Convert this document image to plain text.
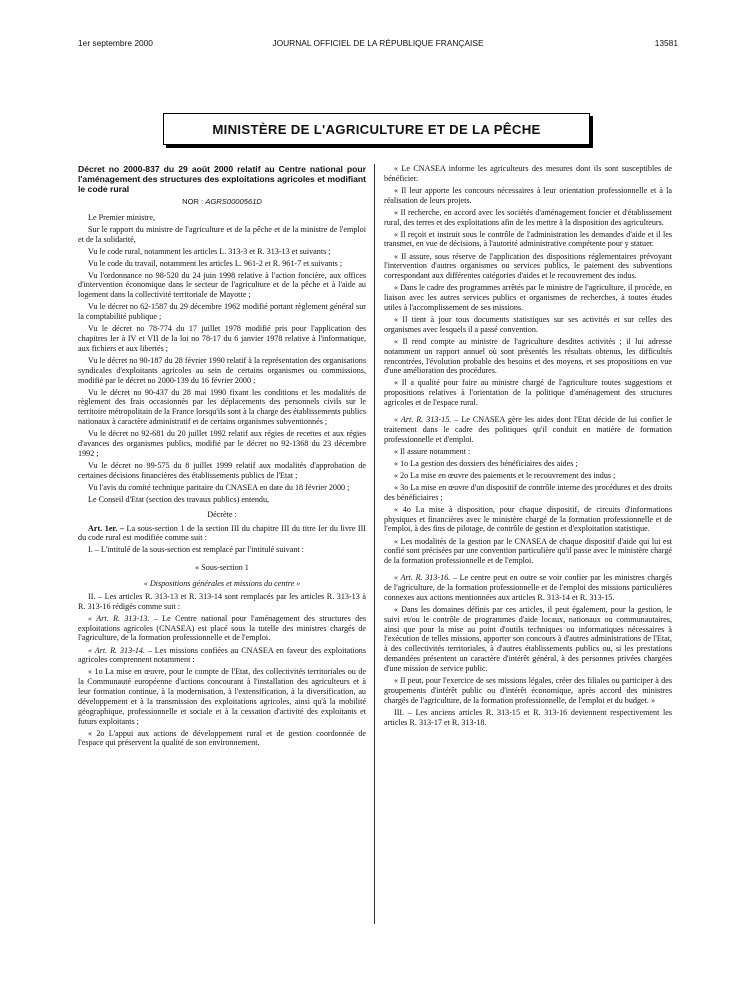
1er septembre 2000	JOURNAL OFFICIEL DE LA RÉPUBLIQUE FRANÇAISE	13581
MINISTÈRE DE L'AGRICULTURE ET DE LA PÊCHE

Décret no 2000-837 du 29 août 2000 relatif au Centre national pour l'aménagement des structures des exploitations agricoles et modifiant le code rural

NOR : AGRS0000561D

Le Premier ministre,

Sur le rapport du ministre de l'agriculture et de la pêche et de la ministre de l'emploi et de la solidarité,

Vu le code rural, notamment les articles L. 313-3 et R. 313-13 et suivants ;

Vu le code du travail, notamment les articles L. 961-2 et R. 961-7 et suivants ;

Vu l'ordonnance no 98-520 du 24 juin 1998 relative à l'action foncière, aux offices d'intervention économique dans le secteur de l'agriculture et de la pêche et à l'aide au logement dans la collectivité territoriale de Mayotte ;

Vu le décret no 62-1587 du 29 décembre 1962 modifié portant règlement général sur la comptabilité publique ;

Vu le décret no 78-774 du 17 juillet 1978 modifié pris pour l'application des chapitres Ier à IV et VII de la loi no 78-17 du 6 janvier 1978 relative à l'informatique, aux fichiers et aux libertés ;

Vu le décret no 90-187 du 28 février 1990 relatif à la représentation des organisations syndicales d'exploitants agricoles au sein de certains organismes ou commissions, modifié par le décret no 2000-139 du 16 février 2000 ;

Vu le décret no 90-437 du 28 mai 1990 fixant les conditions et les modalités de règlement des frais occasionnés par les déplacements des personnels civils sur le territoire métropolitain de la France lorsqu'ils sont à la charge des établissements publics nationaux à caractère administratif et de certains organismes subventionnés ;

Vu le décret no 92-681 du 20 juillet 1992 relatif aux régies de recettes et aux régies d'avances des organismes publics, modifié par le décret no 92-1368 du 23 décembre 1992 ;

Vu le décret no 99-575 du 8 juillet 1999 relatif aux modalités d'approbation de certaines décisions financières des établissements publics de l'Etat ;

Vu l'avis du comité technique paritaire du CNASEA en date du 18 février 2000 ;

Le Conseil d'Etat (section des travaux publics) entendu,

Décrète :

Art. 1er. – La sous-section 1 de la section III du chapitre III du titre Ier du livre III du code rural est modifiée comme suit :

I. – L'intitulé de la sous-section est remplacé par l'intitulé suivant :

« Sous-section 1

« Dispositions générales et missions du centre »

II. – Les articles R. 313-13 et R. 313-14 sont remplacés par les articles R. 313-13 à R. 313-16 rédigés comme suit :

« Art. R. 313-13. – Le Centre national pour l'aménagement des structures des exploitations agricoles (CNASEA) est placé sous la tutelle des ministres chargés de l'agriculture, de la formation professionnelle et de l'emploi.

« Art. R. 313-14. – Les missions confiées au CNASEA en faveur des exploitations agricoles comprennent notamment :

« 1o La mise en œuvre, pour le compte de l'Etat, des collectivités territoriales ou de la Communauté européenne d'actions concourant à l'installation des agriculteurs et à leur formation continue, à la modernisation, à l'extensification, à la diversification, au développement et à la transmission des exploitations agricoles, ainsi qu'à la mobilité géographique, professionnelle et sociale et à la cessation d'activité des exploitants et futurs exploitants ;

« 2o L'appui aux actions de développement rural et de gestion coordonnée de l'espace qui préservent la qualité de son environnement.

« Le CNASEA informe les agriculteurs des mesures dont ils sont susceptibles de bénéficier.

« Il leur apporte les concours nécessaires à leur orientation professionnelle et à la réalisation de leurs projets.

« Il recherche, en accord avec les sociétés d'aménagement foncier et d'établissement rural, des terres et des exploitations afin de les mettre à la disposition des agriculteurs.

« Il reçoit et instruit sous le contrôle de l'administration les demandes d'aide et il les transmet, en vue de décisions, à l'autorité administrative compétente pour y statuer.

« Il assure, sous réserve de l'application des dispositions réglementaires prévoyant l'intervention d'autres organismes ou services publics, le paiement des subventions correspondant aux différentes catégories d'aides et le recouvrement des indus.

« Dans le cadre des programmes arrêtés par le ministre de l'agriculture, il procède, en liaison avec les autres services publics et organismes de recherches, à toutes études utiles à l'accomplissement de ses missions.

« Il tient à jour tous documents statistiques sur ses activités et sur celles des organismes avec lesquels il a passé convention.

« Il rend compte au ministre de l'agriculture desdites activités ; il lui adresse notamment un rapport annuel où sont présentés les résultats obtenus, les difficultés rencontrées, l'évolution probable des besoins et des moyens, et ses propositions en vue d'une amélioration des procédures.

« Il a qualité pour faire au ministre chargé de l'agriculture toutes suggestions et propositions relatives à l'orientation de la politique d'aménagement des structures agricoles et de l'espace rural.

« Art. R. 313-15. – Le CNASEA gère les aides dont l'Etat décide de lui confier le traitement dans le cadre des politiques qu'il conduit en matière de formation professionnelle et d'emploi.

« Il assure notamment :

« 1o La gestion des dossiers des bénéficiaires des aides ;

« 2o La mise en œuvre des paiements et le recouvrement des indus ;

« 3o La mise en œuvre d'un dispositif de contrôle interne des procédures et des droits des bénéficiaires ;

« 4o La mise à disposition, pour chaque dispositif, de circuits d'informations physiques et financières avec le ministère chargé de la formation professionnelle et de l'emploi, à des fins de pilotage, de contrôle de gestion et d'exploitation statistique.

« Les modalités de la gestion par le CNASEA de chaque dispositif d'aide qui lui est confié sont précisées par une convention particulière qu'il passe avec le ministère chargé de la formation professionnelle et de l'emploi.

« Art. R. 313-16. – Le centre peut en outre se voir confier par les ministres chargés de l'agriculture, de la formation professionnelle et de l'emploi des missions particulières connexes aux actions mentionnées aux articles R. 313-14 et R. 313-15.

« Dans les domaines définis par ces articles, il peut également, pour la gestion, le suivi et/ou le contrôle de programmes d'aide locaux, nationaux ou communautaires, ainsi que pour la mise au point d'outils techniques ou informatiques nécessaires à l'exécution de telles missions, apporter son concours à d'autres administrations de l'Etat, à des collectivités territoriales, à d'autres établissements publics ou, si les prestations demandées présentent un caractère d'intérêt général, à des personnes privées chargées d'une mission de service public.

« Il peut, pour l'exercice de ses missions légales, créer des filiales ou participer à des groupements d'intérêt public ou d'intérêt économique, après accord des ministres chargés de l'agriculture, de la formation professionnelle, de l'emploi et du budget. »

III. – Les anciens articles R. 313-15 et R. 313-16 deviennent respectivement les articles R. 313-17 et R. 313-18.
